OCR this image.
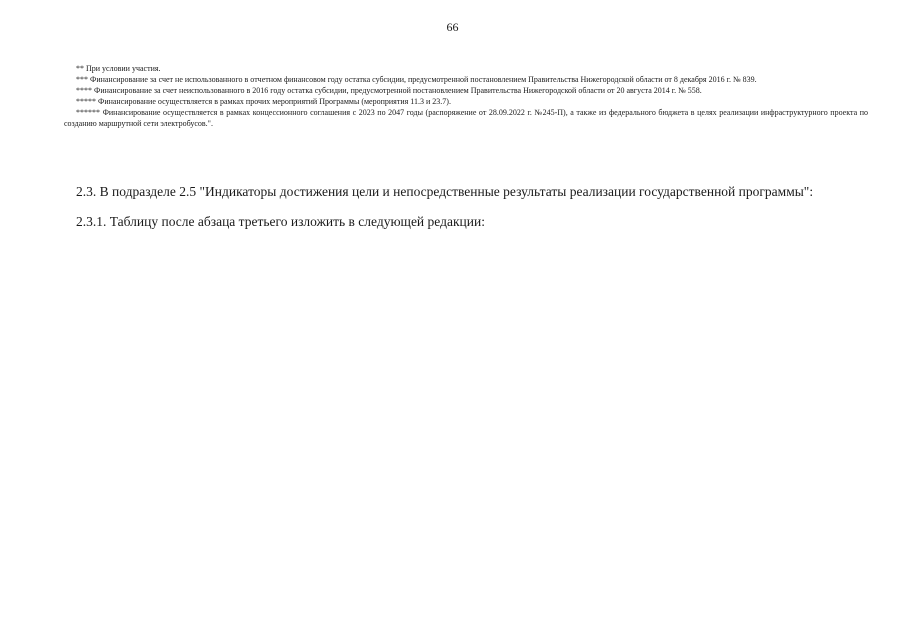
66

** При условии участия.

*** Финансирование за счет не использованного в отчетном финансовом году остатка субсидии, предусмотренной постановлением Правительства Нижегородской области от 8 декабря 2016 г. № 839.

**** Финансирование за счет неиспользованного в 2016 году остатка субсидии, предусмотренной постановлением Правительства Нижегородской области от 20 августа 2014 г. № 558.

***** Финансирование осуществляется в рамках прочих мероприятий Программы (мероприятия 11.3 и 23.7).

****** Финансирование осуществляется в рамках концессионного соглашения с 2023 по 2047 годы (распоряжение от 28.09.2022 г. №245-П), а также из федерального бюджета в целях реализации инфраструктурного проекта по созданию маршрутной сети электробусов.".

2.3. В подразделе 2.5 "Индикаторы достижения цели и непосредственные результаты реализации государственной программы":

2.3.1. Таблицу после абзаца третьего изложить в следующей редакции:
